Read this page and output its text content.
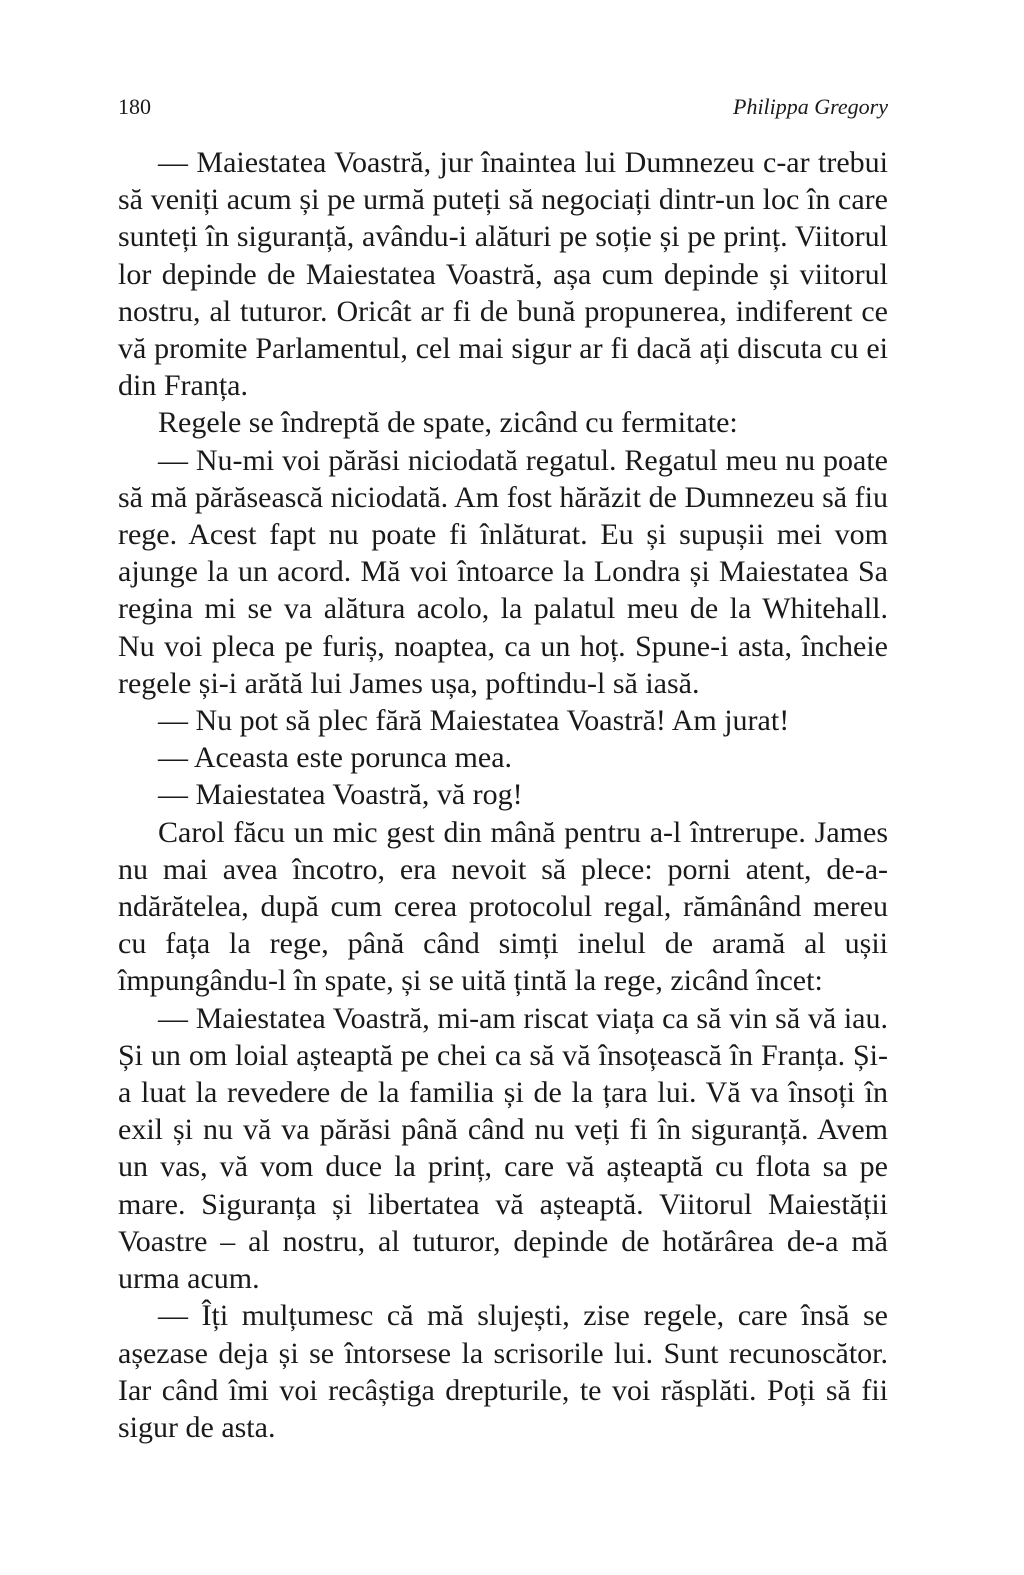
180	Philippa Gregory

— Maiestatea Voastră, jur înaintea lui Dumnezeu c-ar trebui să veniți acum și pe urmă puteți să negociați dintr-un loc în care sunteți în siguranță, avându-i alături pe soție și pe prinț. Viitorul lor depinde de Maiestatea Voastră, așa cum depinde și viitorul nostru, al tuturor. Oricât ar fi de bună propunerea, indiferent ce vă promite Parlamentul, cel mai sigur ar fi dacă ați discuta cu ei din Franța.

Regele se îndreptă de spate, zicând cu fermitate:

— Nu-mi voi părăsi niciodată regatul. Regatul meu nu poate să mă părăsească niciodată. Am fost hărăzit de Dumnezeu să fiu rege. Acest fapt nu poate fi înlăturat. Eu și supușii mei vom ajunge la un acord. Mă voi întoarce la Londra și Maiestatea Sa regina mi se va alătura acolo, la palatul meu de la Whitehall. Nu voi pleca pe furiș, noaptea, ca un hoț. Spune-i asta, încheie regele și-i arătă lui James ușa, poftindu-l să iasă.

— Nu pot să plec fără Maiestatea Voastră! Am jurat!

— Aceasta este porunca mea.

— Maiestatea Voastră, vă rog!

Carol făcu un mic gest din mână pentru a-l întrerupe. James nu mai avea încotro, era nevoit să plece: porni atent, de-a-ndărătelea, după cum cerea protocolul regal, rămânând mereu cu fața la rege, până când simți inelul de aramă al ușii împungându-l în spate, și se uită țintă la rege, zicând încet:

— Maiestatea Voastră, mi-am riscat viața ca să vin să vă iau. Și un om loial așteaptă pe chei ca să vă însoțească în Franța. Și-a luat la revedere de la familia și de la țara lui. Vă va însoți în exil și nu vă va părăsi până când nu veți fi în siguranță. Avem un vas, vă vom duce la prinț, care vă așteaptă cu flota sa pe mare. Siguranța și libertatea vă așteaptă. Viitorul Maiestății Voastre – al nostru, al tuturor, depinde de hotărârea de-a mă urma acum.

— Îți mulțumesc că mă slujești, zise regele, care însă se așezase deja și se întorsese la scrisorile lui. Sunt recunoscător. Iar când îmi voi recâștiga drepturile, te voi răsplăti. Poți să fii sigur de asta.
